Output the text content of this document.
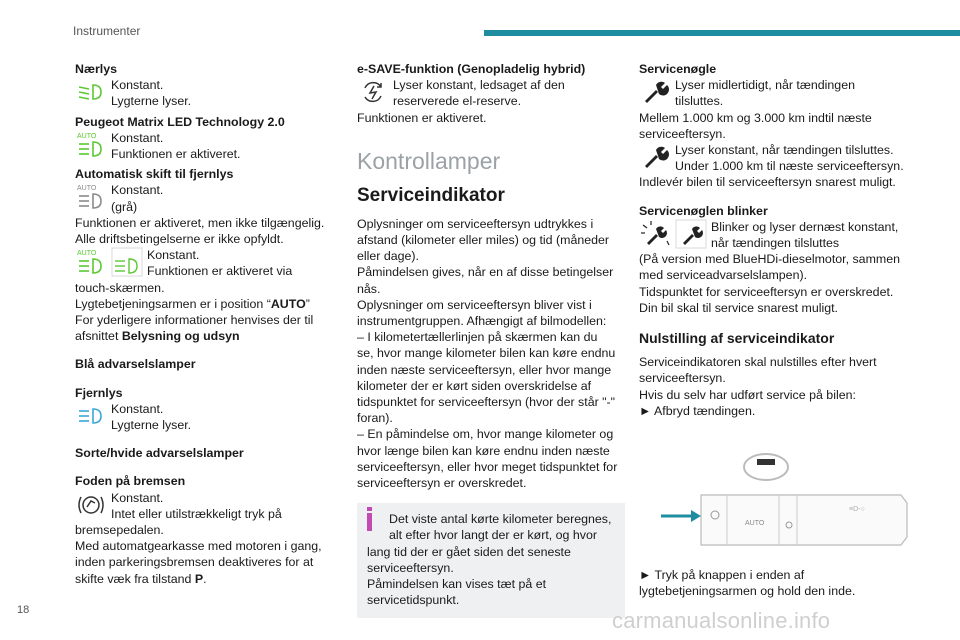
Instrumenter

Nærlys

Konstant.
Lygterne lyser.

Peugeot Matrix LED Technology 2.0

AUTO Konstant.
Funktionen er aktiveret.

Automatisk skift til fjernlys

AUTO Konstant.
(grå)

Funktionen er aktiveret, men ikke tilgængelig.

Alle driftsbetingelserne er ikke opfyldt.

AUTO	Konstant.
Funktionen er aktiveret via

touch-skærmen.

Lygtebetjeningsarmen er i position “AUTO”

For yderligere informationer henvises der til

afsnittet Belysning og udsyn

Blå advarselslamper

Fjernlys

Konstant.
Lygterne lyser.

Sorte/hvide advarselslamper

Foden på bremsen

Konstant.
Intet eller utilstrækkeligt tryk på

bremsepedalen.

Med automatgearkasse med motoren i gang,

inden parkeringsbremsen deaktiveres for at

skifte væk fra tilstand P.

e-SAVE-funktion (Genopladelig hybrid)

Lyser konstant, ledsaget af den
reserverede el-reserve.

Funktionen er aktiveret.

Kontrollamper
Serviceindikator

Oplysninger om serviceeftersyn udtrykkes i

afstand (kilometer eller miles) og tid (måneder

eller dage).

Påmindelsen gives, når en af disse betingelser

nås.

Oplysninger om serviceeftersyn bliver vist i

instrumentgruppen. Afhængigt af bilmodellen:

– I kilometertællerlinjen på skærmen kan du

se, hvor mange kilometer bilen kan køre endnu

inden næste serviceeftersyn, eller hvor mange

kilometer der er kørt siden overskridelse af

tidspunktet for serviceeftersyn (hvor der står "-"

foran).

– En påmindelse om, hvor mange kilometer og

hvor længe bilen kan køre endnu inden næste

serviceeftersyn, eller hvor meget tidspunktet for

serviceeftersyn er overskredet.

Det viste antal kørte kilometer beregnes,

alt efter hvor langt der er kørt, og hvor

lang tid der er gået siden det seneste

serviceeftersyn.

Påmindelsen kan vises tæt på et

servicetidspunkt.

Servicenøgle

Lyser midlertidigt, når tændingen
tilsluttes.

Mellem 1.000 km og 3.000 km indtil næste

serviceeftersyn.

Lyser konstant, når tændingen tilsluttes.
Under 1.000 km til næste serviceeftersyn.

Indlevér bilen til serviceeftersyn snarest muligt.

Servicenøglen blinker

Blinker og lyser dernæst konstant,
når tændingen tilsluttes

(På version med BlueHDi-dieselmotor, sammen

med serviceadvarselslampen).

Tidspunktet for serviceeftersyn er overskredet.

Din bil skal til service snarest muligt.

Nulstilling af serviceindikator

Serviceindikatoren skal nulstilles efter hvert

serviceeftersyn.

Hvis du selv har udført service på bilen:

► Afbryd tændingen.

AUTO
≡D-○

► Tryk på knappen i enden af

lygtebetjeningsarmen og hold den inde.

18	carmanualsonline.info
